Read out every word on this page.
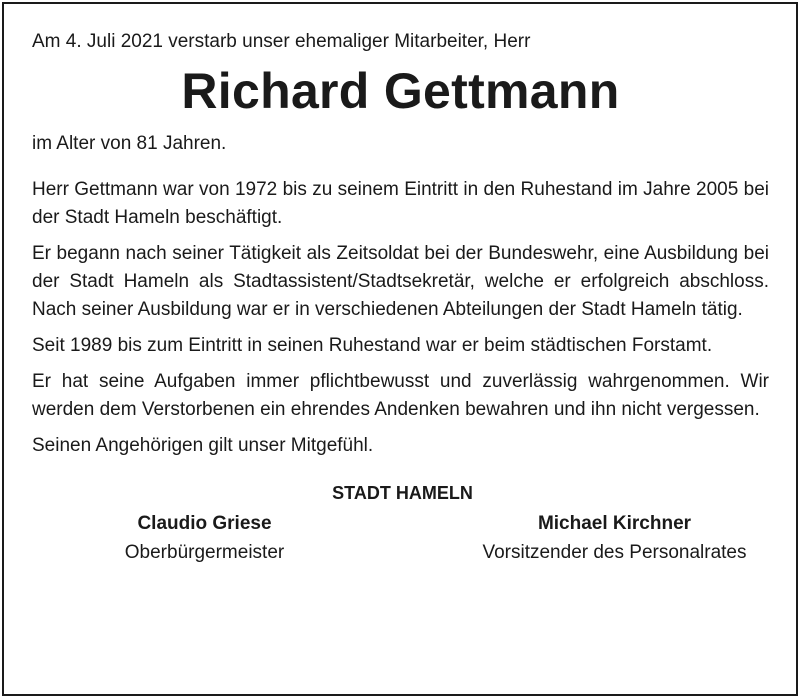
Am 4. Juli 2021 verstarb unser ehemaliger Mitarbeiter, Herr

Richard Gettmann

im Alter von 81 Jahren.

Herr Gettmann war von 1972 bis zu seinem Eintritt in den Ruhestand im Jahre 2005 bei der Stadt Hameln beschäftigt.

Er begann nach seiner Tätigkeit als Zeitsoldat bei der Bundeswehr, eine Ausbildung bei der Stadt Hameln als Stadtassistent/Stadtsekretär, welche er erfolgreich abschloss. Nach seiner Ausbildung war er in verschiedenen Abteilungen der Stadt Hameln tätig.

Seit 1989 bis zum Eintritt in seinen Ruhestand war er beim städtischen Forstamt.

Er hat seine Aufgaben immer pflichtbewusst und zuverlässig wahrgenommen. Wir werden dem Verstorbenen ein ehrendes Andenken bewahren und ihn nicht vergessen.

Seinen Angehörigen gilt unser Mitgefühl.

STADT HAMELN
Claudio Griese
Oberbürgermeister
Michael Kirchner
Vorsitzender des Personalrates
